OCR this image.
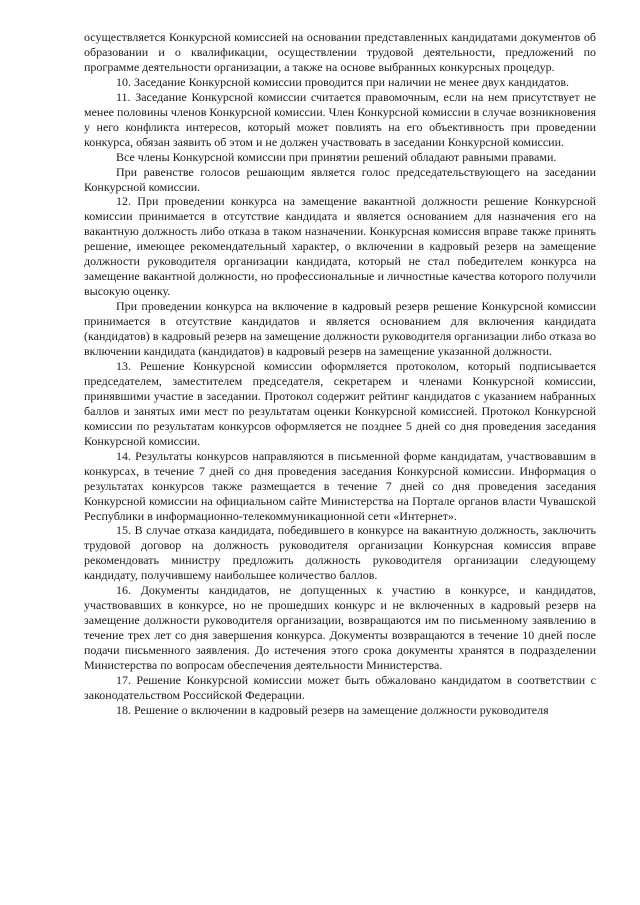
осуществляется Конкурсной комиссией на основании представленных кандидатами документов об образовании и о квалификации, осуществлении трудовой деятельности, предложений по программе деятельности организации, а также на основе выбранных конкурсных процедур.

10. Заседание Конкурсной комиссии проводится при наличии не менее двух кандидатов.

11. Заседание Конкурсной комиссии считается правомочным, если на нем присутствует не менее половины членов Конкурсной комиссии. Член Конкурсной комиссии в случае возникновения у него конфликта интересов, который может повлиять на его объективность при проведении конкурса, обязан заявить об этом и не должен участвовать в заседании Конкурсной комиссии.

Все члены Конкурсной комиссии при принятии решений обладают равными правами.

При равенстве голосов решающим является голос председательствующего на заседании Конкурсной комиссии.

12. При проведении конкурса на замещение вакантной должности решение Конкурсной комиссии принимается в отсутствие кандидата и является основанием для назначения его на вакантную должность либо отказа в таком назначении. Конкурсная комиссия вправе также принять решение, имеющее рекомендательный характер, о включении в кадровый резерв на замещение должности руководителя организации кандидата, который не стал победителем конкурса на замещение вакантной должности, но профессиональные и личностные качества которого получили высокую оценку.

При проведении конкурса на включение в кадровый резерв решение Конкурсной комиссии принимается в отсутствие кандидатов и является основанием для включения кандидата (кандидатов) в кадровый резерв на замещение должности руководителя организации либо отказа во включении кандидата (кандидатов) в кадровый резерв на замещение указанной должности.

13. Решение Конкурсной комиссии оформляется протоколом, который подписывается председателем, заместителем председателя, секретарем и членами Конкурсной комиссии, принявшими участие в заседании. Протокол содержит рейтинг кандидатов с указанием набранных баллов и занятых ими мест по результатам оценки Конкурсной комиссией. Протокол Конкурсной комиссии по результатам конкурсов оформляется не позднее 5 дней со дня проведения заседания Конкурсной комиссии.

14. Результаты конкурсов направляются в письменной форме кандидатам, участвовавшим в конкурсах, в течение 7 дней со дня проведения заседания Конкурсной комиссии. Информация о результатах конкурсов также размещается в течение 7 дней со дня проведения заседания Конкурсной комиссии на официальном сайте Министерства на Портале органов власти Чувашской Республики в информационно-телекоммуникационной сети «Интернет».

15. В случае отказа кандидата, победившего в конкурсе на вакантную должность, заключить трудовой договор на должность руководителя организации Конкурсная комиссия вправе рекомендовать министру предложить должность руководителя организации следующему кандидату, получившему наибольшее количество баллов.

16. Документы кандидатов, не допущенных к участию в конкурсе, и кандидатов, участвовавших в конкурсе, но не прошедших конкурс и не включенных в кадровый резерв на замещение должности руководителя организации, возвращаются им по письменному заявлению в течение трех лет со дня завершения конкурса. Документы возвращаются в течение 10 дней после подачи письменного заявления. До истечения этого срока документы хранятся в подразделении Министерства по вопросам обеспечения деятельности Министерства.

17. Решение Конкурсной комиссии может быть обжаловано кандидатом в соответствии с законодательством Российской Федерации.

18. Решение о включении в кадровый резерв на замещение должности руководителя
